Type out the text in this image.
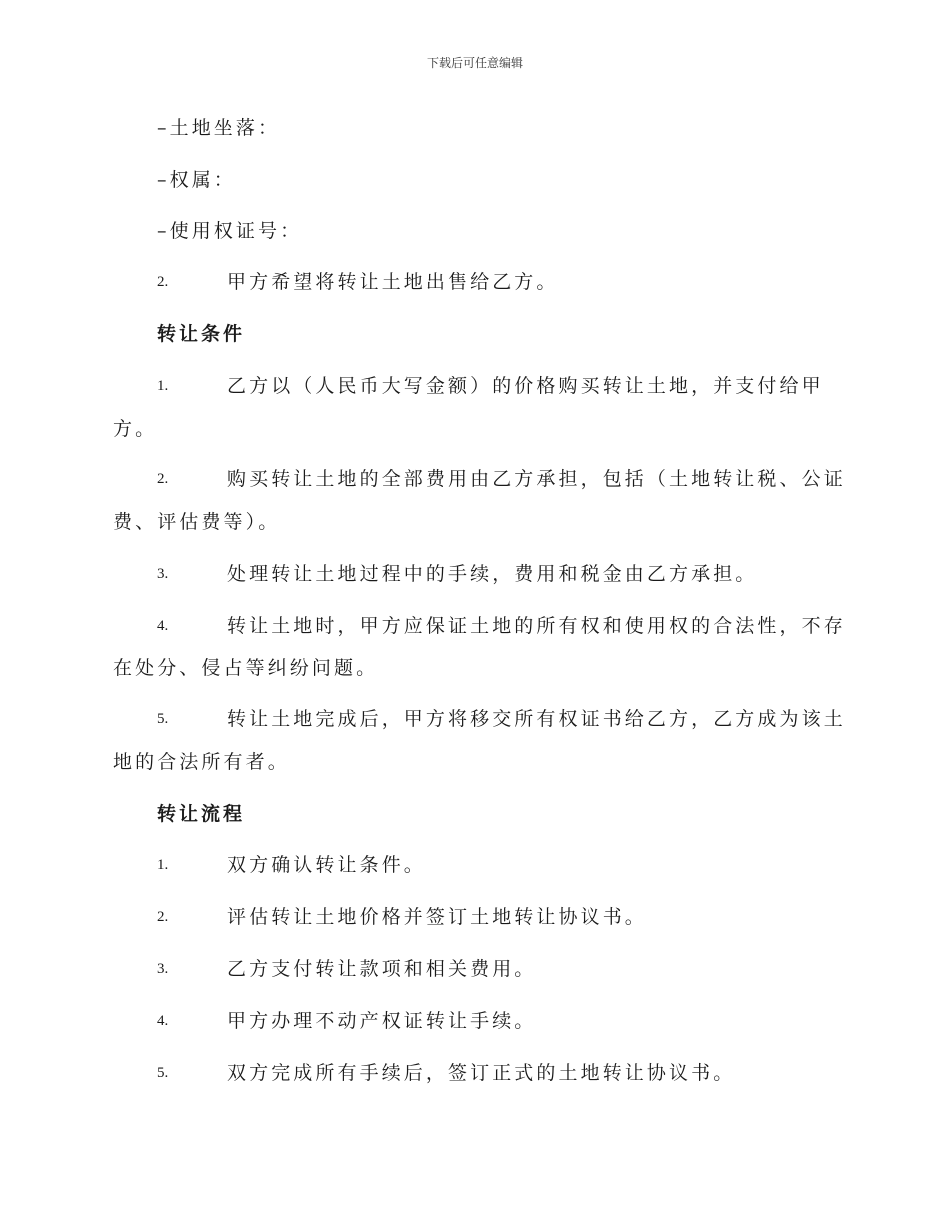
下载后可任意编辑
–土地坐落：
–权属：
–使用权证号：
2.	甲方希望将转让土地出售给乙方。
转让条件
1.	乙方以（人民币大写金额）的价格购买转让土地，并支付给甲
方。
2.	购买转让土地的全部费用由乙方承担，包括（土地转让税、公证
费、评估费等）。
3.	处理转让土地过程中的手续，费用和税金由乙方承担。
4.	转让土地时，甲方应保证土地的所有权和使用权的合法性，不存
在处分、侵占等纠纷问题。
5.	转让土地完成后，甲方将移交所有权证书给乙方，乙方成为该土
地的合法所有者。
转让流程
1.	双方确认转让条件。
2.	评估转让土地价格并签订土地转让协议书。
3.	乙方支付转让款项和相关费用。
4.	甲方办理不动产权证转让手续。
5.	双方完成所有手续后，签订正式的土地转让协议书。
